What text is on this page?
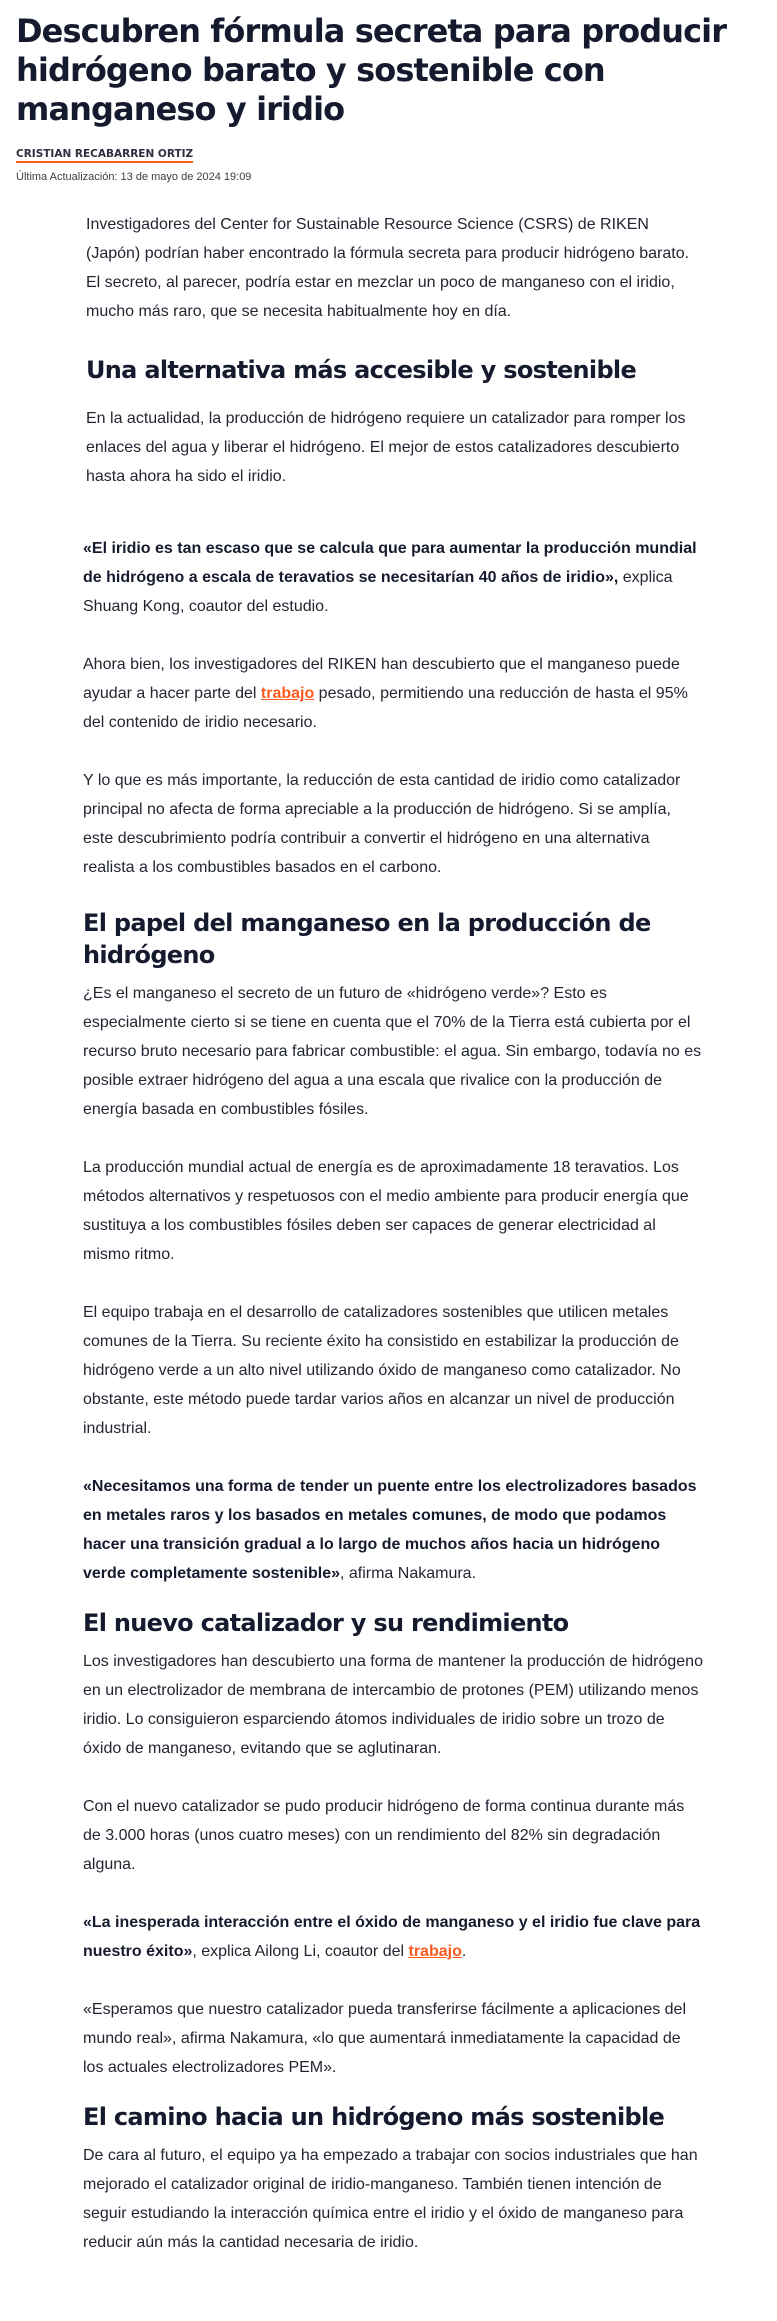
Descubren fórmula secreta para producir hidrógeno barato y sostenible con manganeso y iridio
CRISTIAN RECABARREN ORTIZ
Última Actualización: 13 de mayo de 2024 19:09
Investigadores del Center for Sustainable Resource Science (CSRS) de RIKEN (Japón) podrían haber encontrado la fórmula secreta para producir hidrógeno barato. El secreto, al parecer, podría estar en mezclar un poco de manganeso con el iridio, mucho más raro, que se necesita habitualmente hoy en día.
Una alternativa más accesible y sostenible
En la actualidad, la producción de hidrógeno requiere un catalizador para romper los enlaces del agua y liberar el hidrógeno. El mejor de estos catalizadores descubierto hasta ahora ha sido el iridio.
«El iridio es tan escaso que se calcula que para aumentar la producción mundial de hidrógeno a escala de teravatios se necesitarían 40 años de iridio», explica Shuang Kong, coautor del estudio.
Ahora bien, los investigadores del RIKEN han descubierto que el manganeso puede ayudar a hacer parte del trabajo pesado, permitiendo una reducción de hasta el 95% del contenido de iridio necesario.
Y lo que es más importante, la reducción de esta cantidad de iridio como catalizador principal no afecta de forma apreciable a la producción de hidrógeno. Si se amplía, este descubrimiento podría contribuir a convertir el hidrógeno en una alternativa realista a los combustibles basados en el carbono.
El papel del manganeso en la producción de hidrógeno
¿Es el manganeso el secreto de un futuro de «hidrógeno verde»? Esto es especialmente cierto si se tiene en cuenta que el 70% de la Tierra está cubierta por el recurso bruto necesario para fabricar combustible: el agua. Sin embargo, todavía no es posible extraer hidrógeno del agua a una escala que rivalice con la producción de energía basada en combustibles fósiles.
La producción mundial actual de energía es de aproximadamente 18 teravatios. Los métodos alternativos y respetuosos con el medio ambiente para producir energía que sustituya a los combustibles fósiles deben ser capaces de generar electricidad al mismo ritmo.
El equipo trabaja en el desarrollo de catalizadores sostenibles que utilicen metales comunes de la Tierra. Su reciente éxito ha consistido en estabilizar la producción de hidrógeno verde a un alto nivel utilizando óxido de manganeso como catalizador. No obstante, este método puede tardar varios años en alcanzar un nivel de producción industrial.
«Necesitamos una forma de tender un puente entre los electrolizadores basados en metales raros y los basados en metales comunes, de modo que podamos hacer una transición gradual a lo largo de muchos años hacia un hidrógeno verde completamente sostenible», afirma Nakamura.
El nuevo catalizador y su rendimiento
Los investigadores han descubierto una forma de mantener la producción de hidrógeno en un electrolizador de membrana de intercambio de protones (PEM) utilizando menos iridio. Lo consiguieron esparciendo átomos individuales de iridio sobre un trozo de óxido de manganeso, evitando que se aglutinaran.
Con el nuevo catalizador se pudo producir hidrógeno de forma continua durante más de 3.000 horas (unos cuatro meses) con un rendimiento del 82% sin degradación alguna.
«La inesperada interacción entre el óxido de manganeso y el iridio fue clave para nuestro éxito», explica Ailong Li, coautor del trabajo.
«Esperamos que nuestro catalizador pueda transferirse fácilmente a aplicaciones del mundo real», afirma Nakamura, «lo que aumentará inmediatamente la capacidad de los actuales electrolizadores PEM».
El camino hacia un hidrógeno más sostenible
De cara al futuro, el equipo ya ha empezado a trabajar con socios industriales que han mejorado el catalizador original de iridio-manganeso. También tienen intención de seguir estudiando la interacción química entre el iridio y el óxido de manganeso para reducir aún más la cantidad necesaria de iridio.
